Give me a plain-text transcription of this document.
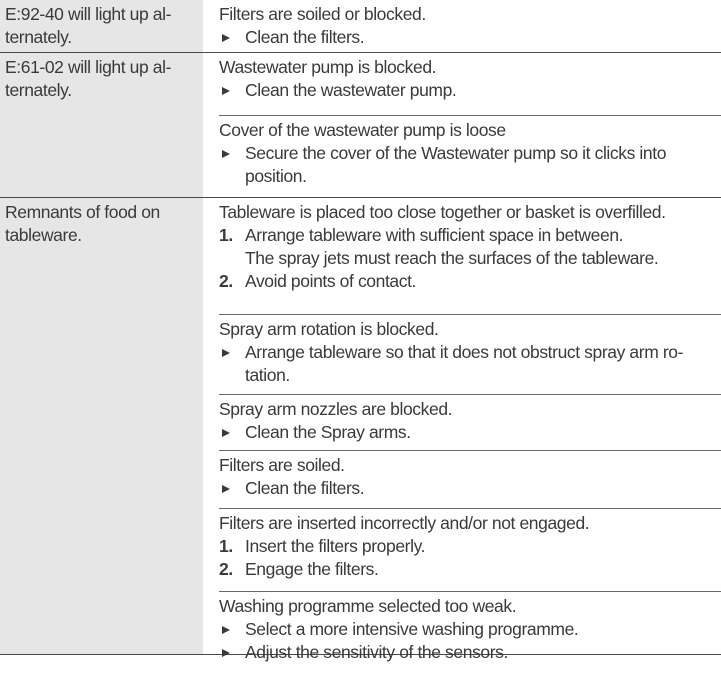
E:92-40 will light up al-
ternately.
Filters are soiled or blocked.
Clean the filters.
E:61-02 will light up al-
ternately.
Wastewater pump is blocked.
Clean the wastewater pump.
Cover of the wastewater pump is loose
Secure the cover of the Wastewater pump so it clicks into
position.
Remnants of food on
tableware.
Tableware is placed too close together or basket is overfilled.
1. Arrange tableware with sufficient space in between.
The spray jets must reach the surfaces of the tableware.
2. Avoid points of contact.
Spray arm rotation is blocked.
Arrange tableware so that it does not obstruct spray arm ro-
tation.
Spray arm nozzles are blocked.
Clean the Spray arms.
Filters are soiled.
Clean the filters.
Filters are inserted incorrectly and/or not engaged.
1. Insert the filters properly.
2. Engage the filters.
Washing programme selected too weak.
Select a more intensive washing programme.
Adjust the sensitivity of the sensors.
